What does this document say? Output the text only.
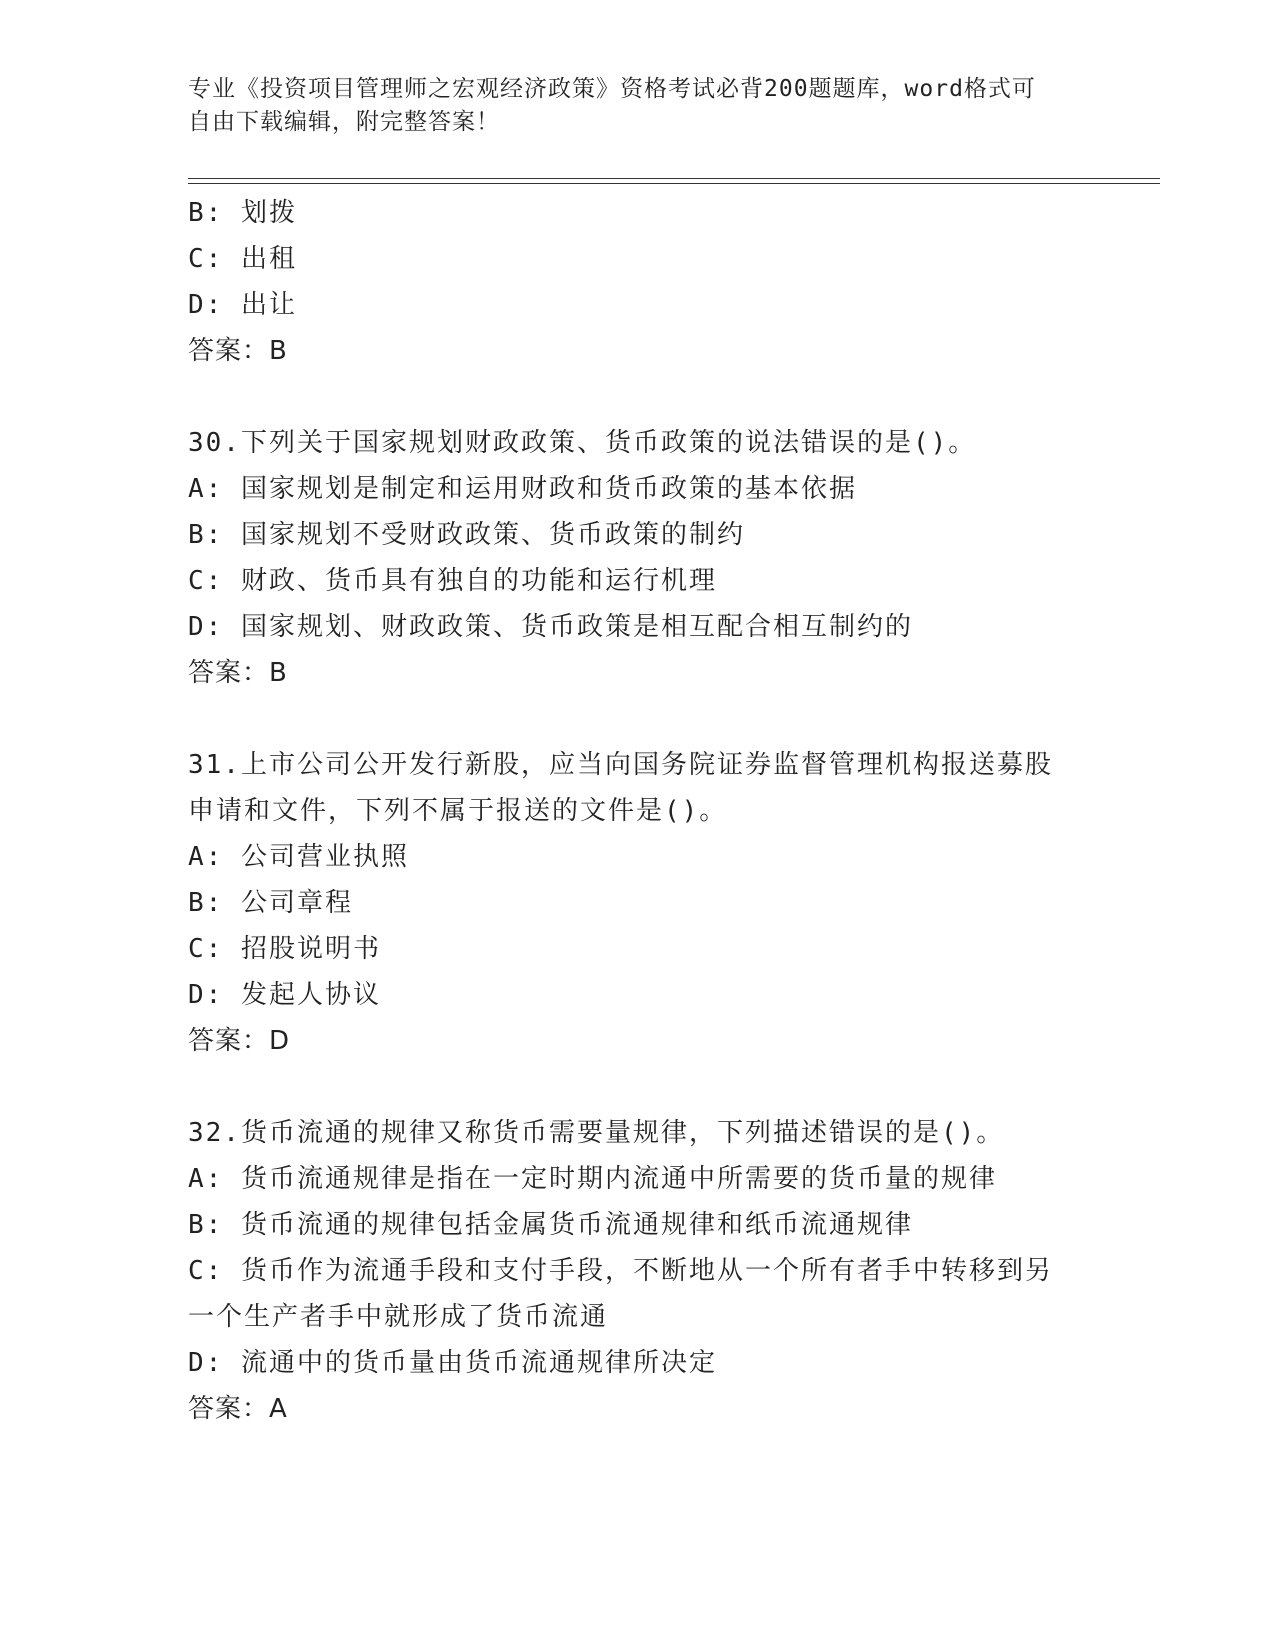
专业《投资项目管理师之宏观经济政策》资格考试必背200题题库，word格式可
自由下载编辑，附完整答案！
B: 划拨
C: 出租
D: 出让
答案：B
30.下列关于国家规划财政政策、货币政策的说法错误的是()。
A: 国家规划是制定和运用财政和货币政策的基本依据
B: 国家规划不受财政政策、货币政策的制约
C: 财政、货币具有独自的功能和运行机理
D: 国家规划、财政政策、货币政策是相互配合相互制约的
答案：B
31.上市公司公开发行新股，应当向国务院证券监督管理机构报送募股
申请和文件，下列不属于报送的文件是()。
A: 公司营业执照
B: 公司章程
C: 招股说明书
D: 发起人协议
答案：D
32.货币流通的规律又称货币需要量规律，下列描述错误的是()。
A: 货币流通规律是指在一定时期内流通中所需要的货币量的规律
B: 货币流通的规律包括金属货币流通规律和纸币流通规律
C: 货币作为流通手段和支付手段，不断地从一个所有者手中转移到另
一个生产者手中就形成了货币流通
D: 流通中的货币量由货币流通规律所决定
答案：A
